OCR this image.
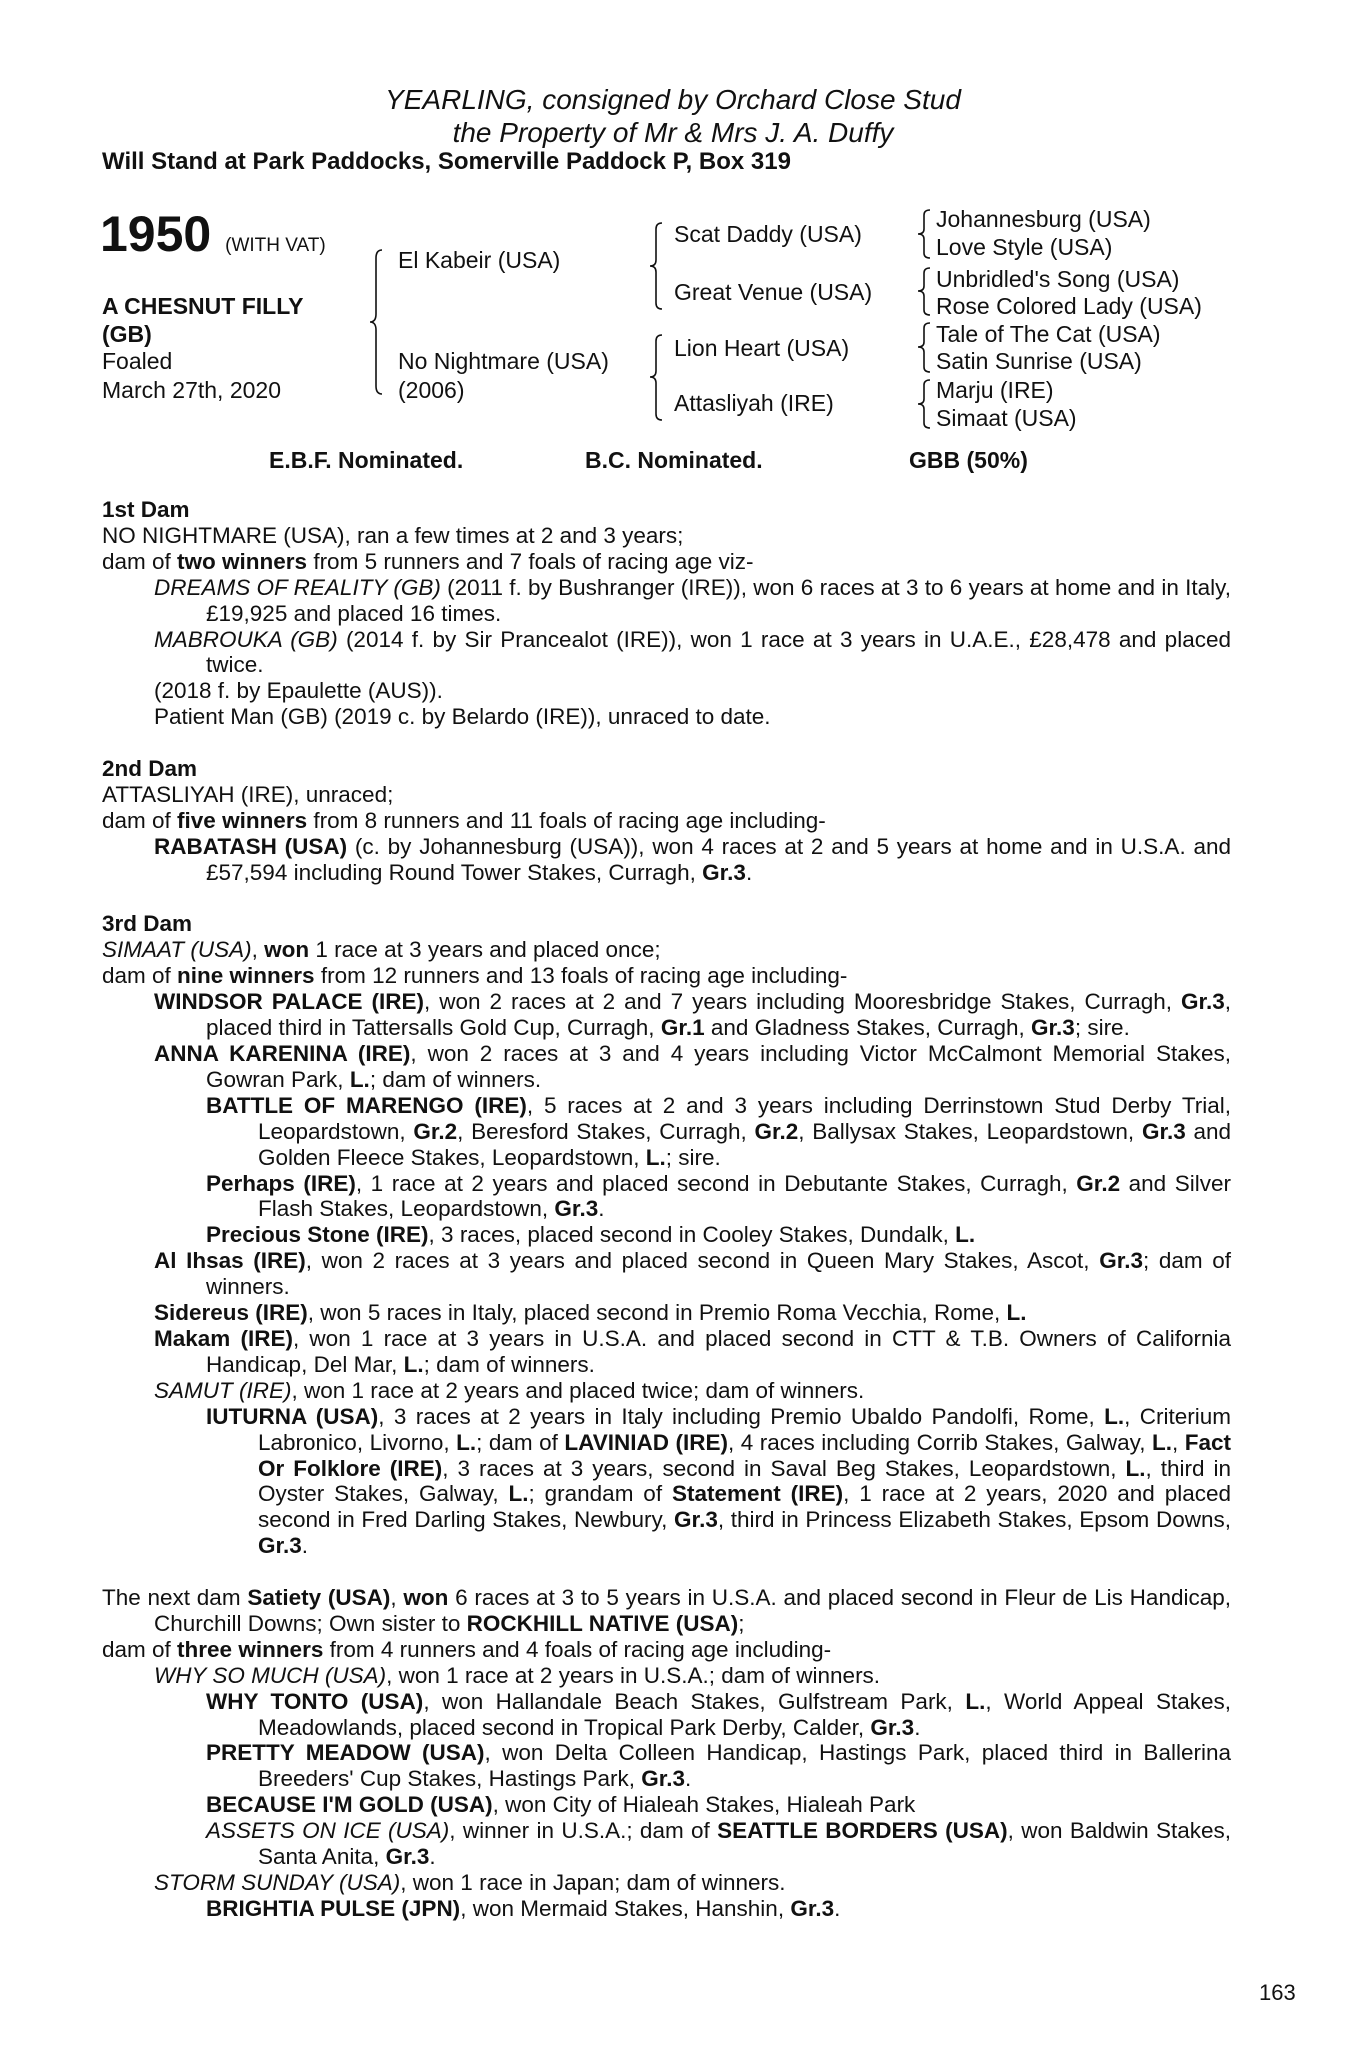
YEARLING, consigned by Orchard Close Stud
the Property of Mr & Mrs J. A. Duffy
Will Stand at Park Paddocks, Somerville Paddock P, Box 319
1950 (WITH VAT)
A CHESNUT FILLY
(GB)
Foaled
March 27th, 2020
El Kabeir (USA)
No Nightmare (USA)
(2006)
Scat Daddy (USA)
Great Venue (USA)
Lion Heart (USA)
Attasliyah (IRE)
Johannesburg (USA)
Love Style (USA)
Unbridled's Song (USA)
Rose Colored Lady (USA)
Tale of The Cat (USA)
Satin Sunrise (USA)
Marju (IRE)
Simaat (USA)
E.B.F. Nominated.	B.C. Nominated.	GBB (50%)
1st Dam
NO NIGHTMARE (USA), ran a few times at 2 and 3 years;
dam of two winners from 5 runners and 7 foals of racing age viz-
DREAMS OF REALITY (GB) (2011 f. by Bushranger (IRE)), won 6 races at 3 to 6 years at home and in Italy, £19,925 and placed 16 times.
MABROUKA (GB) (2014 f. by Sir Prancealot (IRE)), won 1 race at 3 years in U.A.E., £28,478 and placed twice.
(2018 f. by Epaulette (AUS)).
Patient Man (GB) (2019 c. by Belardo (IRE)), unraced to date.
2nd Dam
ATTASLIYAH (IRE), unraced;
dam of five winners from 8 runners and 11 foals of racing age including-
RABATASH (USA) (c. by Johannesburg (USA)), won 4 races at 2 and 5 years at home and in U.S.A. and £57,594 including Round Tower Stakes, Curragh, Gr.3.
3rd Dam
SIMAAT (USA), won 1 race at 3 years and placed once;
dam of nine winners from 12 runners and 13 foals of racing age including-
WINDSOR PALACE (IRE), won 2 races at 2 and 7 years including Mooresbridge Stakes, Curragh, Gr.3, placed third in Tattersalls Gold Cup, Curragh, Gr.1 and Gladness Stakes, Curragh, Gr.3; sire.
ANNA KARENINA (IRE), won 2 races at 3 and 4 years including Victor McCalmont Memorial Stakes, Gowran Park, L.; dam of winners.
BATTLE OF MARENGO (IRE), 5 races at 2 and 3 years including Derrinstown Stud Derby Trial, Leopardstown, Gr.2, Beresford Stakes, Curragh, Gr.2, Ballysax Stakes, Leopardstown, Gr.3 and Golden Fleece Stakes, Leopardstown, L.; sire.
Perhaps (IRE), 1 race at 2 years and placed second in Debutante Stakes, Curragh, Gr.2 and Silver Flash Stakes, Leopardstown, Gr.3.
Precious Stone (IRE), 3 races, placed second in Cooley Stakes, Dundalk, L.
Al Ihsas (IRE), won 2 races at 3 years and placed second in Queen Mary Stakes, Ascot, Gr.3; dam of winners.
Sidereus (IRE), won 5 races in Italy, placed second in Premio Roma Vecchia, Rome, L.
Makam (IRE), won 1 race at 3 years in U.S.A. and placed second in CTT & T.B. Owners of California Handicap, Del Mar, L.; dam of winners.
SAMUT (IRE), won 1 race at 2 years and placed twice; dam of winners.
IUTURNA (USA), 3 races at 2 years in Italy including Premio Ubaldo Pandolfi, Rome, L., Criterium Labronico, Livorno, L.; dam of LAVINIAD (IRE), 4 races including Corrib Stakes, Galway, L., Fact Or Folklore (IRE), 3 races at 3 years, second in Saval Beg Stakes, Leopardstown, L., third in Oyster Stakes, Galway, L.; grandam of Statement (IRE), 1 race at 2 years, 2020 and placed second in Fred Darling Stakes, Newbury, Gr.3, third in Princess Elizabeth Stakes, Epsom Downs, Gr.3.
The next dam Satiety (USA), won 6 races at 3 to 5 years in U.S.A. and placed second in Fleur de Lis Handicap, Churchill Downs; Own sister to ROCKHILL NATIVE (USA);
dam of three winners from 4 runners and 4 foals of racing age including-
WHY SO MUCH (USA), won 1 race at 2 years in U.S.A.; dam of winners.
WHY TONTO (USA), won Hallandale Beach Stakes, Gulfstream Park, L., World Appeal Stakes, Meadowlands, placed second in Tropical Park Derby, Calder, Gr.3.
PRETTY MEADOW (USA), won Delta Colleen Handicap, Hastings Park, placed third in Ballerina Breeders' Cup Stakes, Hastings Park, Gr.3.
BECAUSE I'M GOLD (USA), won City of Hialeah Stakes, Hialeah Park
ASSETS ON ICE (USA), winner in U.S.A.; dam of SEATTLE BORDERS (USA), won Baldwin Stakes, Santa Anita, Gr.3.
STORM SUNDAY (USA), won 1 race in Japan; dam of winners.
BRIGHTIA PULSE (JPN), won Mermaid Stakes, Hanshin, Gr.3.
163
